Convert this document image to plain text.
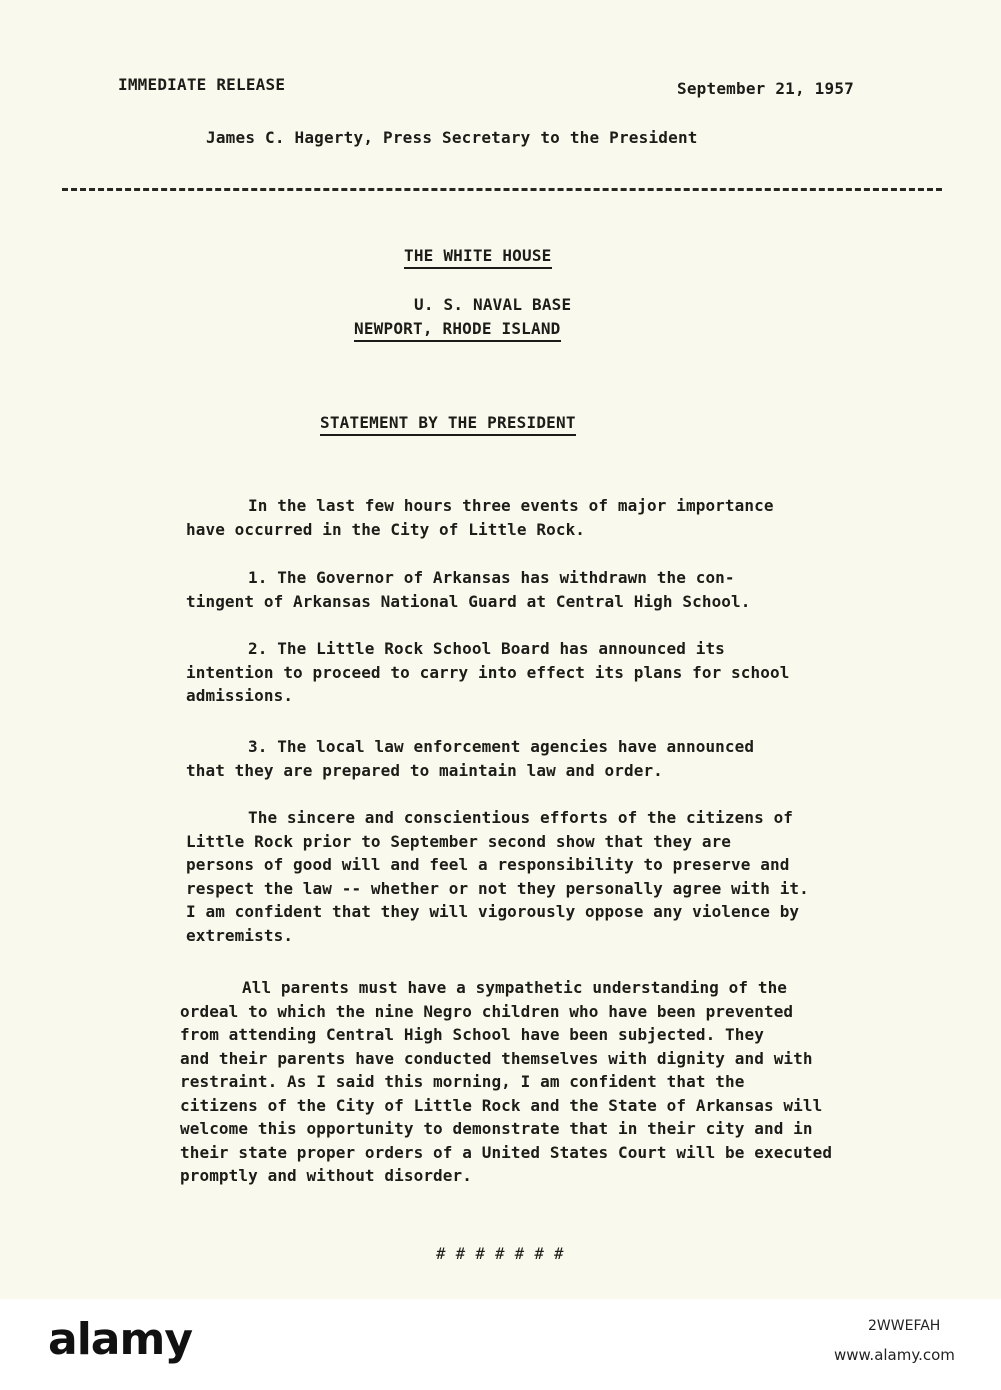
IMMEDIATE RELEASE	September 21, 1957
James C. Hagerty, Press Secretary to the President
THE WHITE HOUSE
U. S. NAVAL BASE
NEWPORT, RHODE ISLAND
STATEMENT BY THE PRESIDENT

In the last few hours three events of major importance

have occurred in the City of Little Rock.

1. The Governor of Arkansas has withdrawn the con-

tingent of Arkansas National Guard at Central High School.

2. The Little Rock School Board has announced its

intention to proceed to carry into effect its plans for school

admissions.

3. The local law enforcement agencies have announced

that they are prepared to maintain law and order.

The sincere and conscientious efforts of the citizens of

Little Rock prior to September second show that they are

persons of good will and feel a responsibility to preserve and

respect the law -- whether or not they personally agree with it.

I am confident that they will vigorously oppose any violence by

extremists.

All parents must have a sympathetic understanding of the

ordeal to which the nine Negro children who have been prevented

from attending Central High School have been subjected. They

and their parents have conducted themselves with dignity and with

restraint. As I said this morning, I am confident that the

citizens of the City of Little Rock and the State of Arkansas will

welcome this opportunity to demonstrate that in their city and in

their state proper orders of a United States Court will be executed

promptly and without disorder.

# # # # # # #
alamy	2WWEFAH
www.alamy.com
